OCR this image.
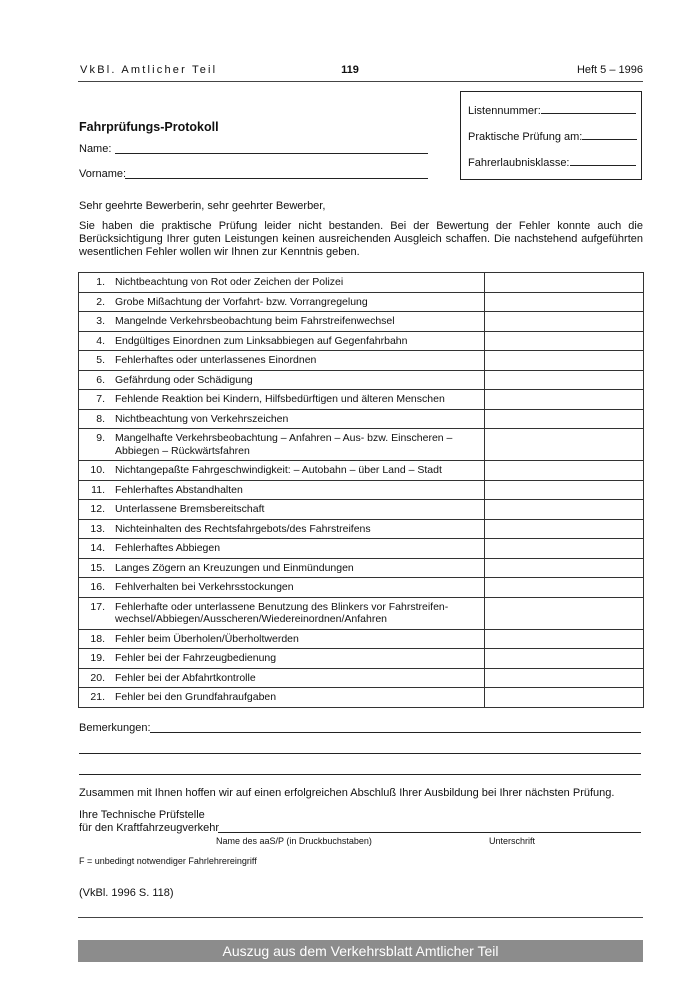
VkBl. Amtlicher Teil	119	Heft 5 – 1996
Listennummer:
Praktische Prüfung am:
Fahrerlaubnisklasse:
Fahrprüfungs-Protokoll
Name:
Vorname:
Sehr geehrte Bewerberin, sehr geehrter Bewerber,
Sie haben die praktische Prüfung leider nicht bestanden. Bei der Bewertung der Fehler konnte auch die Berücksichtigung Ihrer guten Leistungen keinen ausreichenden Ausgleich schaffen. Die nachstehend aufgeführten wesentlichen Fehler wollen wir Ihnen zur Kenntnis geben.
1.	Nichtbeachtung von Rot oder Zeichen der Polizei	
2.	Grobe Mißachtung der Vorfahrt- bzw. Vorrangregelung	
3.	Mangelnde Verkehrsbeobachtung beim Fahrstreifenwechsel	
4.	Endgültiges Einordnen zum Linksabbiegen auf Gegenfahrbahn	
5.	Fehlerhaftes oder unterlassenes Einordnen	
6.	Gefährdung oder Schädigung	
7.	Fehlende Reaktion bei Kindern, Hilfsbedürftigen und älteren Menschen	
8.	Nichtbeachtung von Verkehrszeichen	
9.	Mangelhafte Verkehrsbeobachtung – Anfahren – Aus- bzw. Einscheren – Abbiegen – Rückwärtsfahren	
10.	Nichtangepaßte Fahrgeschwindigkeit: – Autobahn – über Land – Stadt	
11.	Fehlerhaftes Abstandhalten	
12.	Unterlassene Bremsbereitschaft	
13.	Nichteinhalten des Rechtsfahrgebots/des Fahrstreifens	
14.	Fehlerhaftes Abbiegen	
15.	Langes Zögern an Kreuzungen und Einmündungen	
16.	Fehlverhalten bei Verkehrsstockungen	
17.	Fehlerhafte oder unterlassene Benutzung des Blinkers vor Fahrstreifen-wechsel/Abbiegen/Ausscheren/Wiedereinordnen/Anfahren	
18.	Fehler beim Überholen/Überholtwerden	
19.	Fehler bei der Fahrzeugbedienung	
20.	Fehler bei der Abfahrtkontrolle	
21.	Fehler bei den Grundfahraufgaben	
Bemerkungen:
Zusammen mit Ihnen hoffen wir auf einen erfolgreichen Abschluß Ihrer Ausbildung bei Ihrer nächsten Prüfung.
Ihre Technische Prüfstelle
für den Kraftfahrzeugverkehr
Name des aaS/P (in Druckbuchstaben)	Unterschrift
F = unbedingt notwendiger Fahrlehrereingriff
(VkBl. 1996 S. 118)
Auszug aus dem Verkehrsblatt Amtlicher Teil
